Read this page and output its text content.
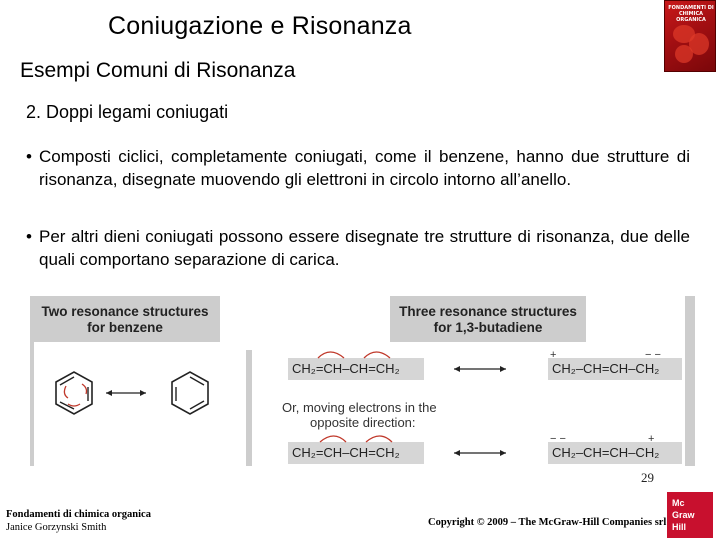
Coniugazione e Risonanza
Esempi Comuni di Risonanza
2. Doppi legami coniugati
FONDAMENTI DI CHIMICA ORGANICA
• Composti ciclici, completamente coniugati, come il benzene, hanno due strutture di risonanza, disegnate muovendo gli elettroni in circolo intorno all’anello.
• Per altri dieni coniugati possono essere disegnate tre strutture di risonanza, due delle quali comportano separazione di carica.
Two resonance structures
for benzene
Three resonance structures
for 1,3-butadiene
CH₂=CH–CH=CH₂	CH₂–CH=CH–CH₂
+	− −
Or, moving electrons in the
opposite direction:
CH₂=CH–CH=CH₂	CH₂–CH=CH–CH₂
− −	+
Fondamenti di chimica organica
Janice Gorzynski Smith
29
Copyright © 2009 – The McGraw-Hill Companies srl
Mc
Graw
Hill
